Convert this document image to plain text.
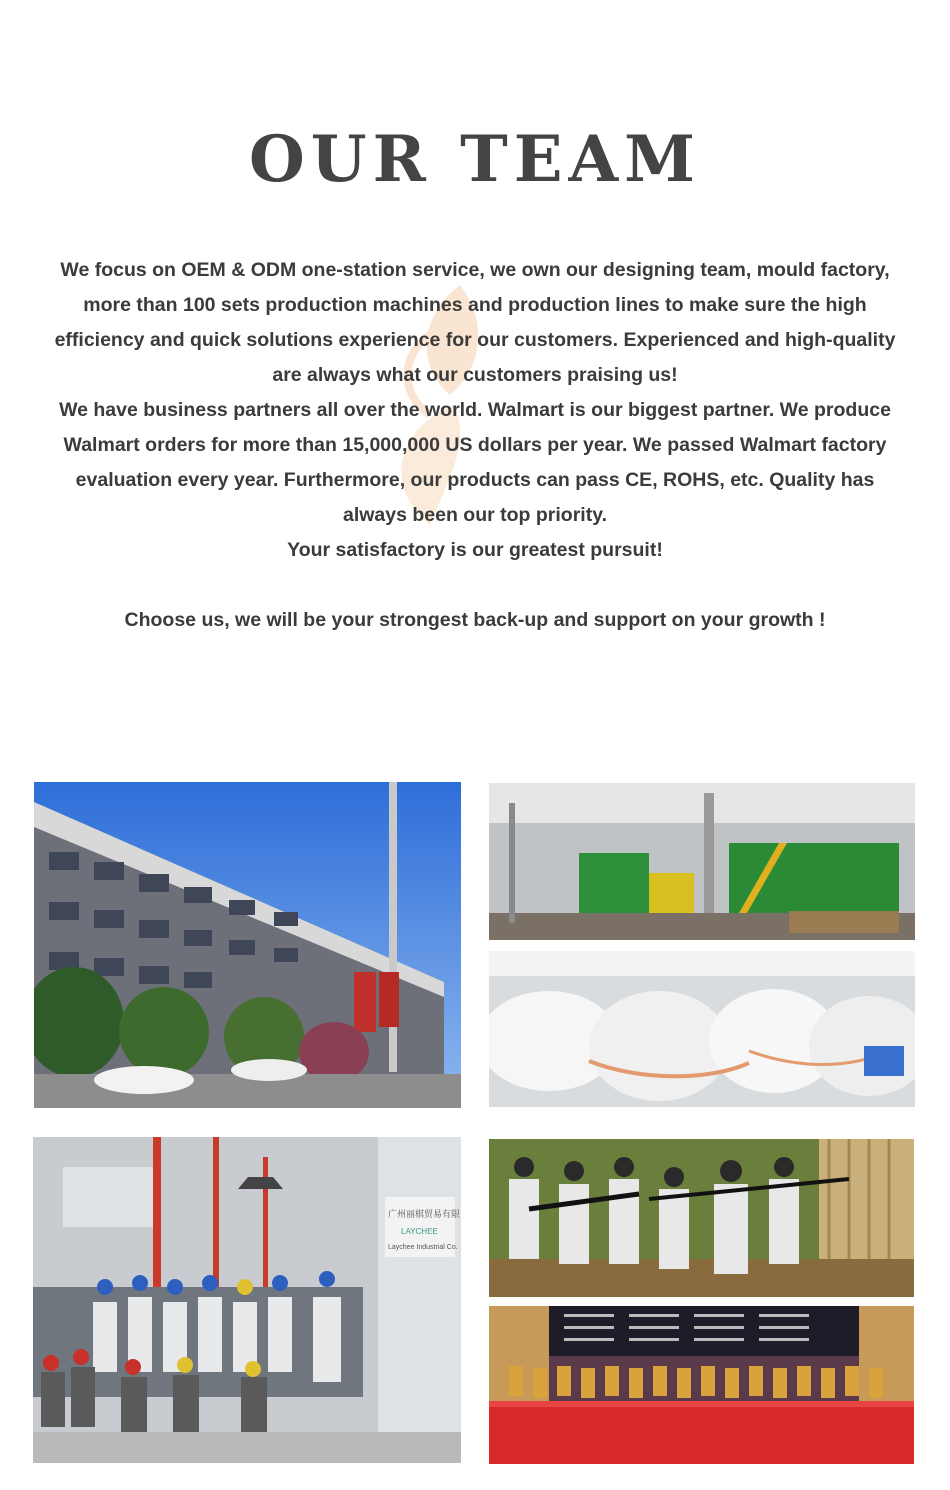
OUR TEAM

We focus on OEM & ODM one-station service, we own our designing team, mould factory, more than 100 sets production machines and production lines to make sure the high efficiency and quick solutions experience for our customers. Experienced and high-quality are always what our customers praising us!

We have business partners all over the world. Walmart is our biggest partner. We produce Walmart orders for more than 15,000,000 US dollars per year. We passed Walmart factory evaluation every year. Furthermore, our products can pass CE, ROHS, etc. Quality has always been our top priority.

Your satisfactory is our greatest pursuit!

Choose us, we will be your strongest back-up and support on your growth !

广州丽棋贸易有限
LAYCHEE
Laychee Industrial Co.
